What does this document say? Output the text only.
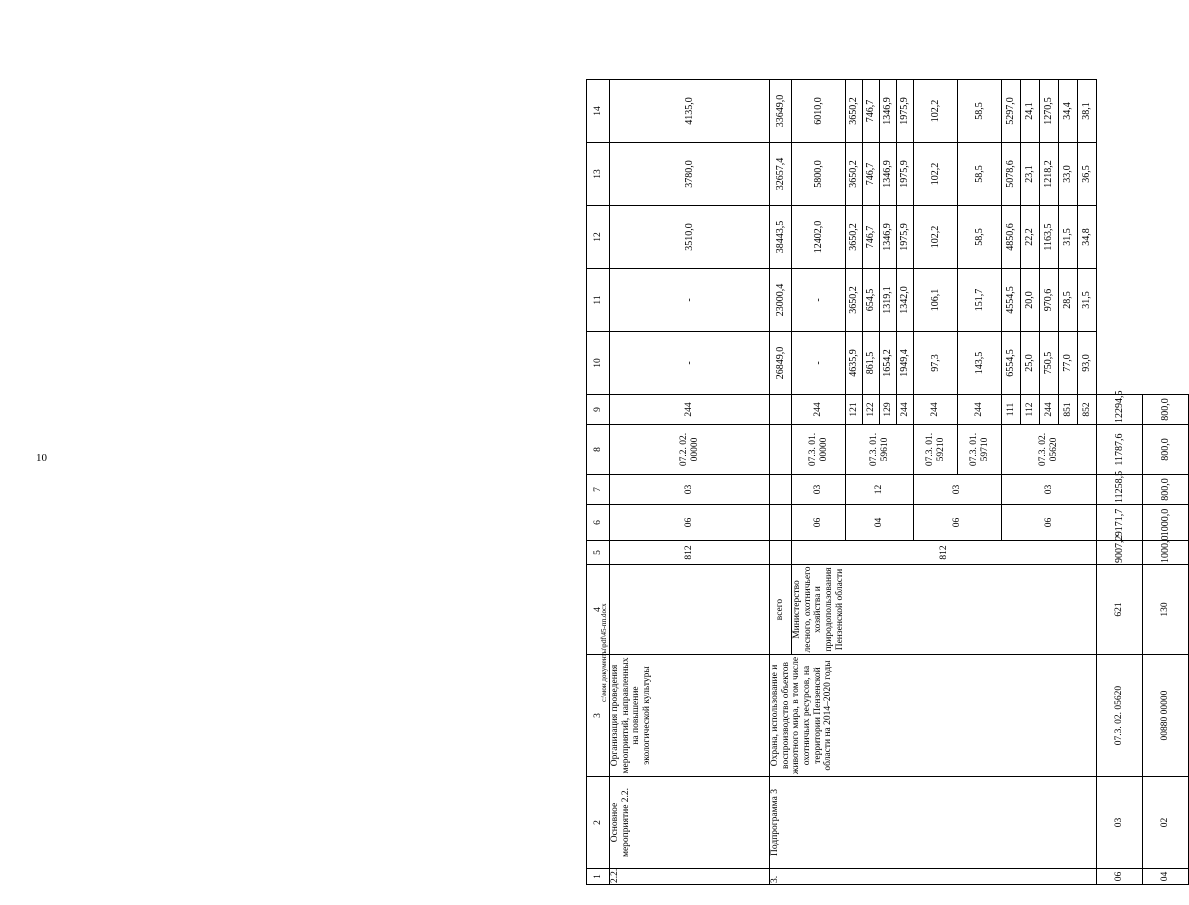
10
1	2	3	4	5	6	7	8	9	10	11	12	13	14
2.2.	Основное мероприятие 2.2.	Организация проведения мероприятий, направленных на повышение экологической культуры		812	06	03	07.2. 02. 00000	244	-	-	3510,0	3780,0	4135,0
3.	Подпрограмма 3	Охрана, использование и воспроизводство объектов животного мира, в том числе охотничьих ресурсов, на территории Пензенской области на 2014–2020 годы	всего						26849,0	23000,4	38443,5	32657,4	33649,0
			Министерство лесного, охотничьего хозяйства и природопользования Пензенской области	812	06	03	07.3. 01. 00000	244	-	-	12402,0	5800,0	6010,0
					04	12	07.3. 01. 59610	121	4635,9	3650,2	3650,2	3650,2	3650,2
								122	861,5	654,5	746,7	746,7	746,7
								129	1654,2	1319,1	1346,9	1346,9	1346,9
								244	1949,4	1342,0	1975,9	1975,9	1975,9
					06	03	07.3. 01. 59210	244	97,3	106,1	102,2	102,2	102,2
							07.3. 01. 59710	244	143,5	151,7	58,5	58,5	58,5
					06	03	07.3. 02. 05620	111	6554,5	4554,5	4850,6	5078,6	5297,0
								112	25,0	20,0	22,2	23,1	24,1
								244	750,5	970,6	1163,5	1218,2	1270,5
								851	77,0	28,5	31,5	33,0	34,4
								852	93,0	31,5	34,8	36,5	38,1
06	03	07.3. 02. 05620	621	9007,2	9171,7	11258,5	11787,6	12294,5					
04	02	00880 00000	130	1000,0	1000,0	800,0	800,0	800,0					
c:\мои документы\pdf\45-пп.docx
